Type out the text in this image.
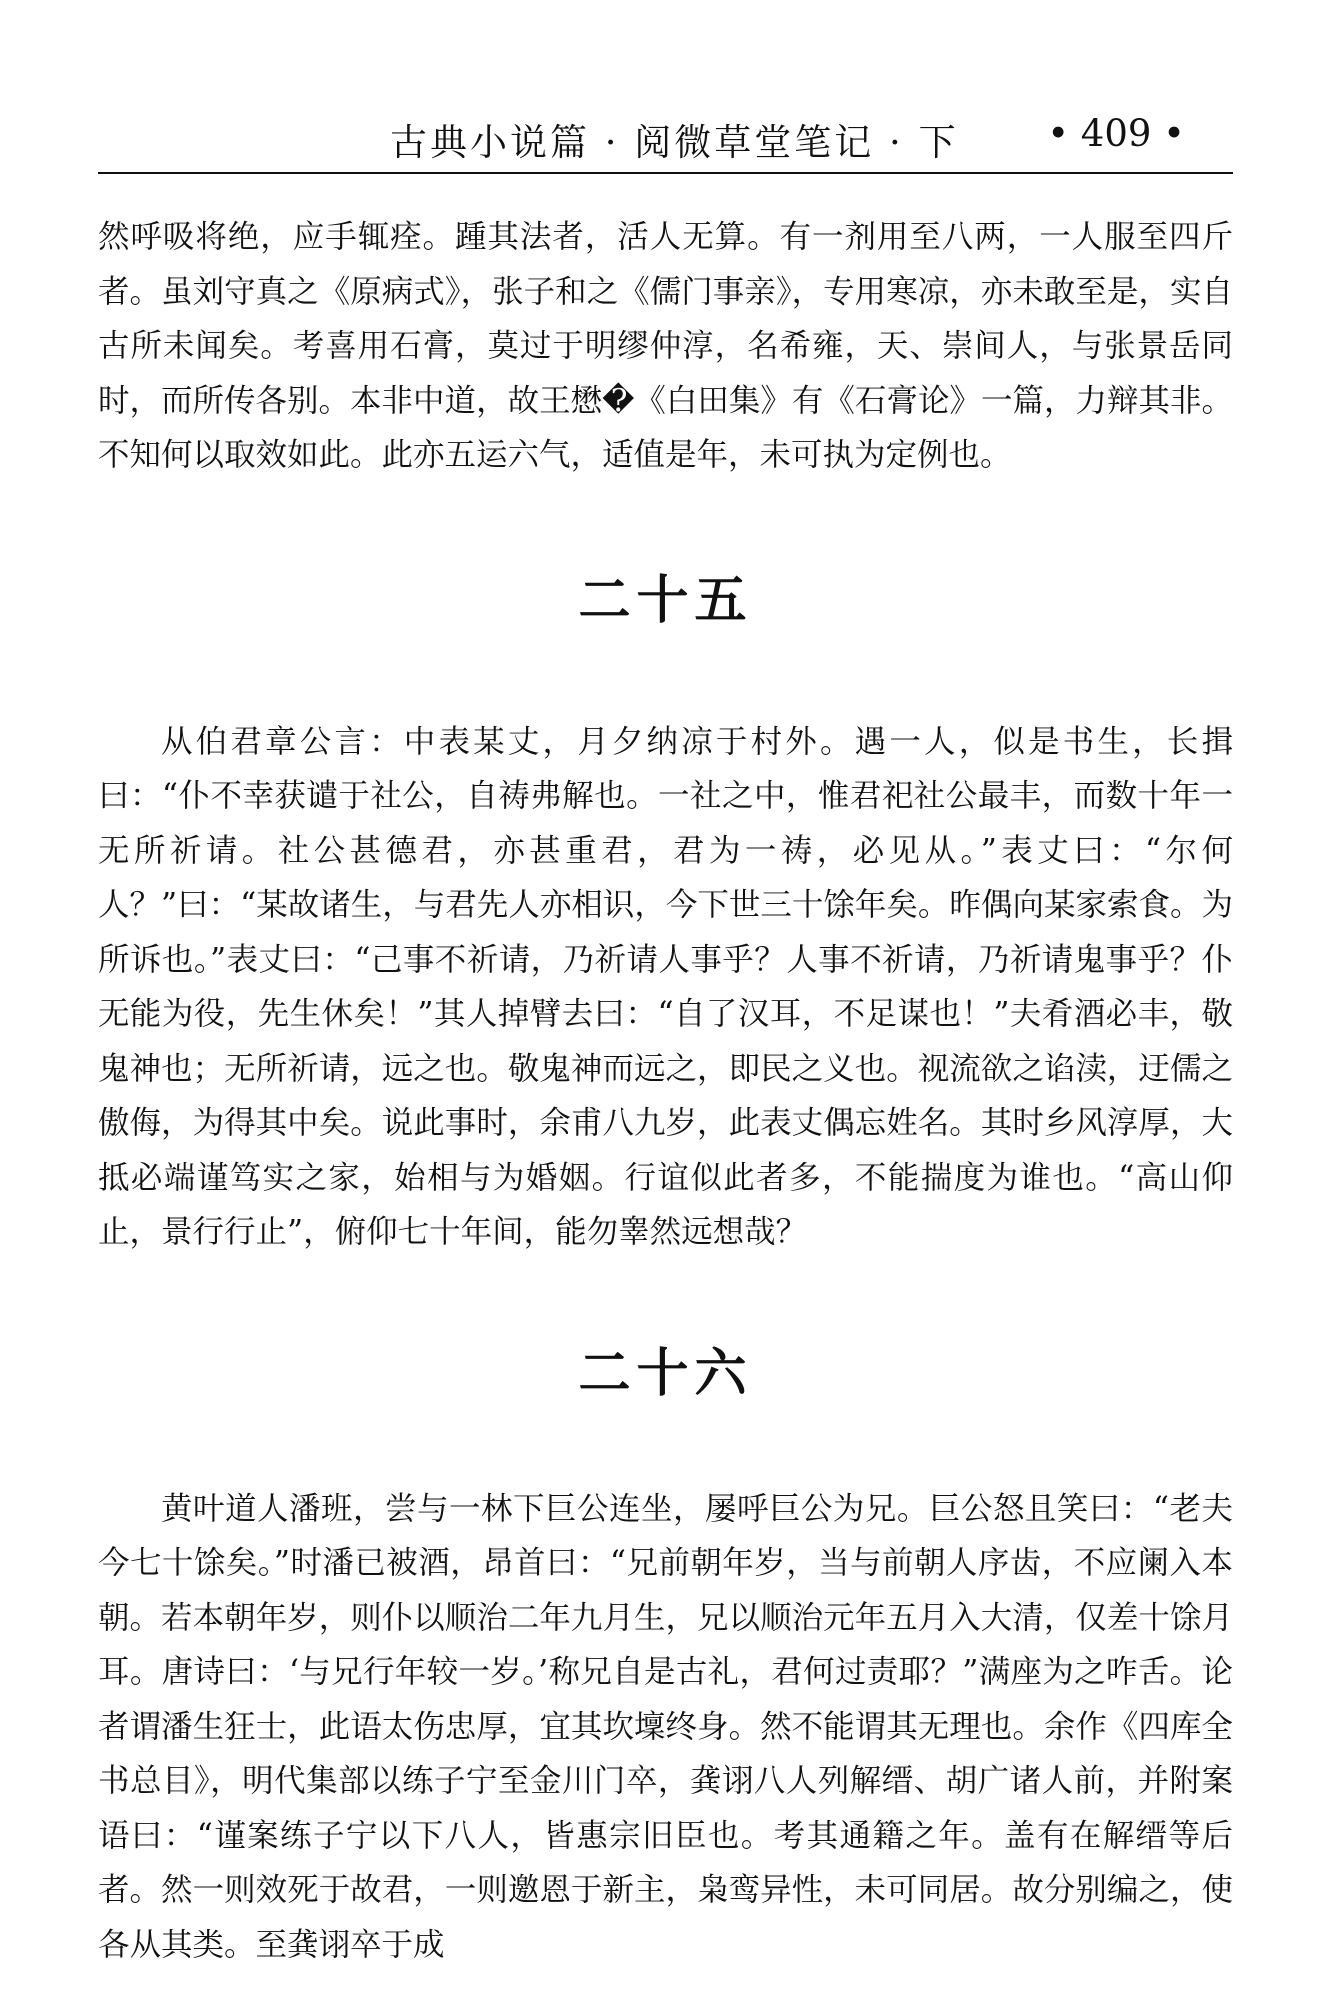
古典小说篇 · 阅微草堂笔记 · 下 • 409 •

然呼吸将绝，应手辄痊。踵其法者，活人无算。有一剂用至八两，一人服至四斤者。虽刘守真之《原病式》，张子和之《儒门事亲》，专用寒凉，亦未敢至是，实自古所未闻矣。考喜用石膏，莫过于明缪仲淳，名希雍，天、崇间人，与张景岳同时，而所传各别。本非中道，故王懋�《白田集》有《石膏论》一篇，力辩其非。不知何以取效如此。此亦五运六气，适值是年，未可执为定例也。

二十五

从伯君章公言：中表某丈，月夕纳凉于村外。遇一人，似是书生，长揖曰：“仆不幸获谴于社公，自祷弗解也。一社之中，惟君祀社公最丰，而数十年一无所祈请。社公甚德君，亦甚重君，君为一祷，必见从。”表丈曰：“尔何人？”曰：“某故诸生，与君先人亦相识，今下世三十馀年矣。昨偶向某家索食。为所诉也。”表丈曰：“己事不祈请，乃祈请人事乎？人事不祈请，乃祈请鬼事乎？仆无能为役，先生休矣！”其人掉臂去曰：“自了汉耳，不足谋也！”夫肴酒必丰，敬鬼神也；无所祈请，远之也。敬鬼神而远之，即民之义也。视流欲之谄渎，迂儒之傲侮，为得其中矣。说此事时，余甫八九岁，此表丈偶忘姓名。其时乡风淳厚，大抵必端谨笃实之家，始相与为婚姻。行谊似此者多，不能揣度为谁也。“高山仰止，景行行止”，俯仰七十年间，能勿睾然远想哉？

二十六

黄叶道人潘班，尝与一林下巨公连坐，屡呼巨公为兄。巨公怒且笑曰：“老夫今七十馀矣。”时潘已被酒，昂首曰：“兄前朝年岁，当与前朝人序齿，不应阑入本朝。若本朝年岁，则仆以顺治二年九月生，兄以顺治元年五月入大清，仅差十馀月耳。唐诗曰：‘与兄行年较一岁。’称兄自是古礼，君何过责耶？”满座为之咋舌。论者谓潘生狂士，此语太伤忠厚，宜其坎壈终身。然不能谓其无理也。余作《四库全书总目》，明代集部以练子宁至金川门卒，龚诩八人列解缙、胡广诸人前，并附案语曰：“谨案练子宁以下八人，皆惠宗旧臣也。考其通籍之年。盖有在解缙等后者。然一则效死于故君，一则邀恩于新主，枭鸾异性，未可同居。故分别编之，使各从其类。至龚诩卒于成
